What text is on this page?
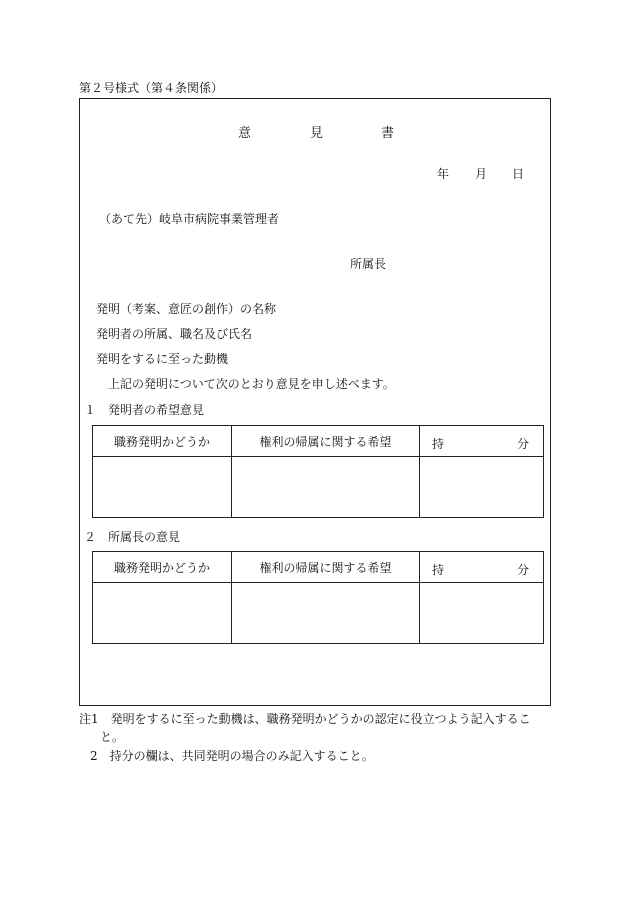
第２号様式（第４条関係）
意	見	書
年 月 日
（あて先）岐阜市病院事業管理者
所属長
発明（考案、意匠の創作）の名称
発明者の所属、職名及び氏名
発明をするに至った動機
上記の発明について次のとおり意見を申し述べます。
１　発明者の希望意見
職務発明かどうか	権利の帰属に関する希望	持 分

２　所属長の意見
職務発明かどうか	権利の帰属に関する希望	持 分

注1　発明をするに至った動機は、職務発明かどうかの認定に役立つよう記入するこ
と。
2　持分の欄は、共同発明の場合のみ記入すること。
